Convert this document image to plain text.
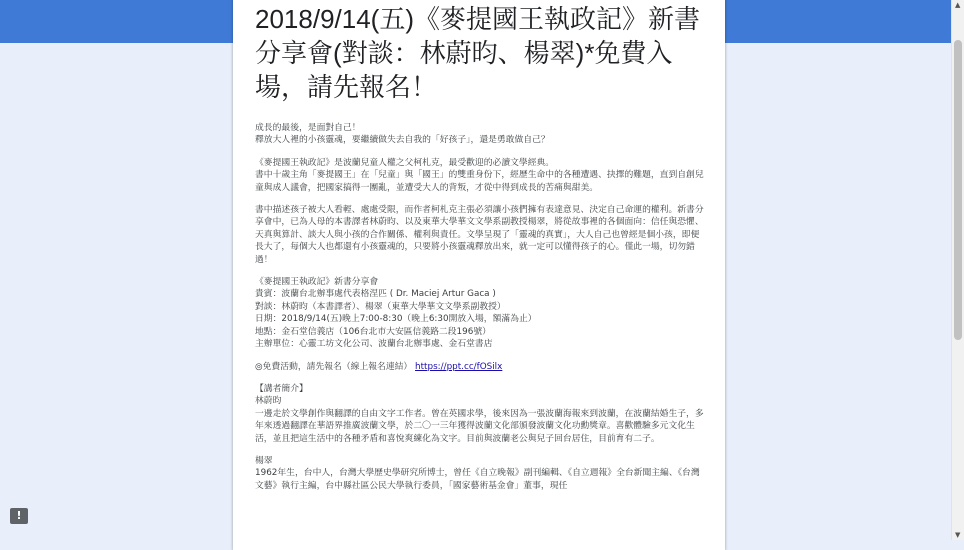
2018/9/14(五)《麥提國王執政記》新書分享會(對談：林蔚昀、楊翠)*免費入場，請先報名！
成長的最後，是面對自己！
釋放大人裡的小孩靈魂，要繼續做失去自我的「好孩子」，還是勇敢做自己？
《麥提國王執政記》是波蘭兒童人權之父柯札克，最受歡迎的必讀文學經典。
書中十歲主角「麥提國王」在「兒童」與「國王」的雙重身份下，經歷生命中的各種遭遇、抉擇的難題，直到自創兒童與成人議會，把國家搞得一團亂，並遭受大人的背叛，才從中得到成長的苦痛與甜美。
書中描述孩子被大人看輕、處處受限，而作者柯札克主張必須讓小孩們擁有表達意見、決定自己命運的權利。新書分享會中，已為人母的本書譯者林蔚昀、以及東華大學華文文學系副教授楊翠，將從故事裡的各個面向：信任與恐懼、天真與算計、談大人與小孩的合作關係、權利與責任。文學呈現了「靈魂的真實」，大人自己也曾經是個小孩，即便長大了，每個大人也都還有小孩靈魂的，只要將小孩靈魂釋放出來，就一定可以懂得孩子的心。僅此一場，切勿錯過！
《麥提國王執政記》新書分享會
貴賓：波蘭台北辦事處代表格涅匹 ( Dr. Maciej Artur Gaca )
對談：林蔚昀（本書譯者）、楊翠（東華大學華文文學系副教授）
日期：2018/9/14(五)晚上7:00-8:30（晚上6:30開放入場，額滿為止）
地點：金石堂信義店（106台北市大安區信義路二段196號）
主辦單位：心靈工坊文化公司、波蘭台北辦事處、金石堂書店
◎免費活動，請先報名（線上報名連結） https://ppt.cc/fOSilx
【講者簡介】
林蔚昀
一邊走於文學創作與翻譯的自由文字工作者。曾在英國求學，後來因為一張波蘭海報來到波蘭，在波蘭結婚生子，多年來透過翻譯在華語界推廣波蘭文學，於二〇一三年獲得波蘭文化部頒發波蘭文化功勳獎章。喜歡體驗多元文化生活，並且把這生活中的各種矛盾和喜悅爽練化為文字。目前與波蘭老公與兒子回台居住，目前育有二子。
楊翠
1962年生，台中人，台灣大學歷史學研究所博士，曾任《自立晚報》副刊編輯、《自立週報》全台新聞主編、《台灣文藝》執行主編，台中縣社區公民大學執行委員，「國家藝術基金會」董事，現任
▲
▼
!
